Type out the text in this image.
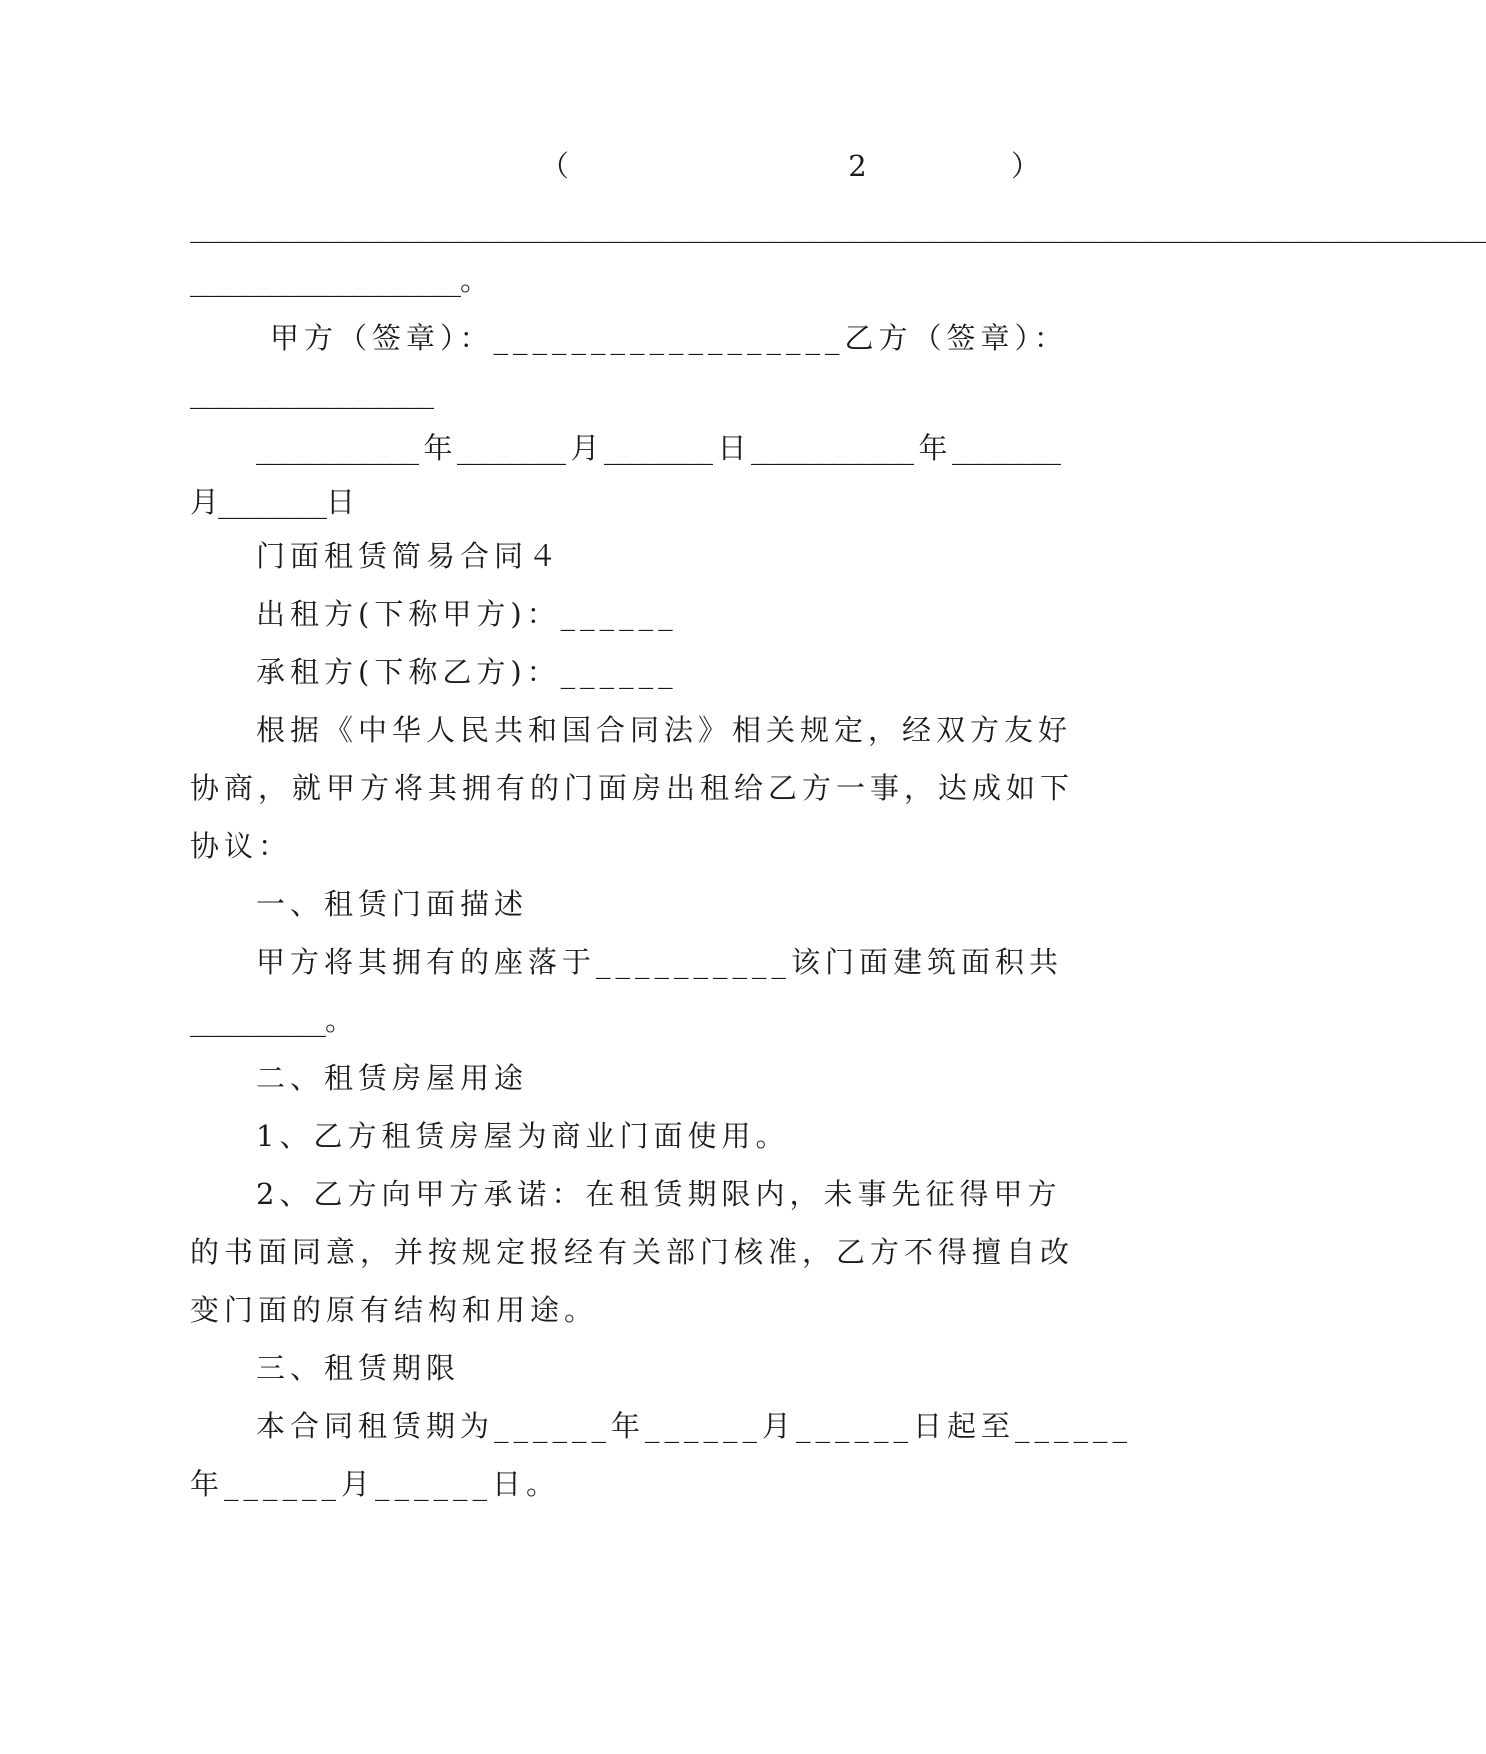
（ 2 ）
________________________________________________________________________________________________
____________________。
甲方（签章）：__________________乙方（签章）：
__________________
____________年________月________日____________年________
月________日
门面租赁简易合同４
出租方(下称甲方)：______
承租方(下称乙方)：______
根据《中华人民共和国合同法》相关规定，经双方友好
协商，就甲方将其拥有的门面房出租给乙方一事，达成如下
协议：
一、租赁门面描述
甲方将其拥有的座落于__________该门面建筑面积共
__________。
二、租赁房屋用途
1、乙方租赁房屋为商业门面使用。
2、乙方向甲方承诺：在租赁期限内，未事先征得甲方
的书面同意，并按规定报经有关部门核准，乙方不得擅自改
变门面的原有结构和用途。
三、租赁期限
本合同租赁期为______年______月______日起至______
年______月______日。
